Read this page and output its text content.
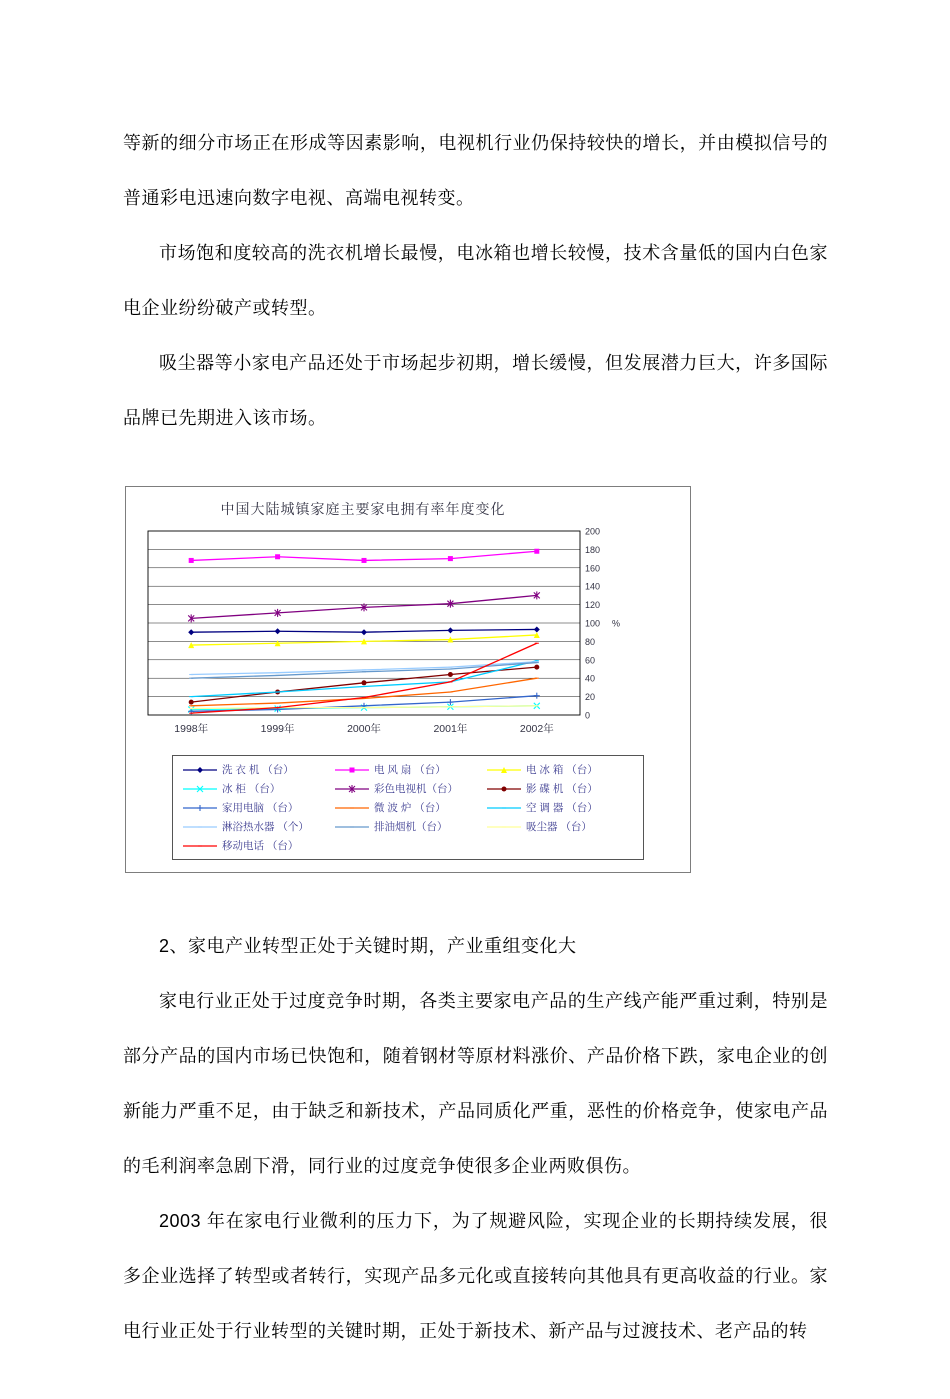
等新的细分市场正在形成等因素影响，电视机行业仍保持较快的增长，并由模拟信号的普通彩电迅速向数字电视、高端电视转变。

市场饱和度较高的洗衣机增长最慢，电冰箱也增长较慢，技术含量低的国内白色家电企业纷纷破产或转型。

吸尘器等小家电产品还处于市场起步初期，增长缓慢，但发展潜力巨大，许多国际品牌已先期进入该市场。

中国大陆城镇家庭主要家电拥有率年度变化
0
20
40
60
80
100
120
140
160
180
200
%
1998年	1999年	2000年	2001年	2002年
洗 衣 机 （台）	电 风 扇 （台）	电 冰 箱 （台）
冰 柜 （台）	彩色电视机（台）	影 碟 机 （台）
家用电脑 （台）	微 波 炉 （台）	空 调 器 （台）
淋浴热水器 （个）	排油烟机（台）	吸尘器 （台）
移动电话 （台）

2、家电产业转型正处于关键时期，产业重组变化大

家电行业正处于过度竞争时期，各类主要家电产品的生产线产能严重过剩，特别是部分产品的国内市场已快饱和，随着钢材等原材料涨价、产品价格下跌，家电企业的创新能力严重不足，由于缺乏和新技术，产品同质化严重，恶性的价格竞争，使家电产品的毛利润率急剧下滑，同行业的过度竞争使很多企业两败俱伤。

2003 年在家电行业微利的压力下，为了规避风险，实现企业的长期持续发展，很多企业选择了转型或者转行，实现产品多元化或直接转向其他具有更高收益的行业。家电行业正处于行业转型的关键时期，正处于新技术、新产品与过渡技术、老产品的转
